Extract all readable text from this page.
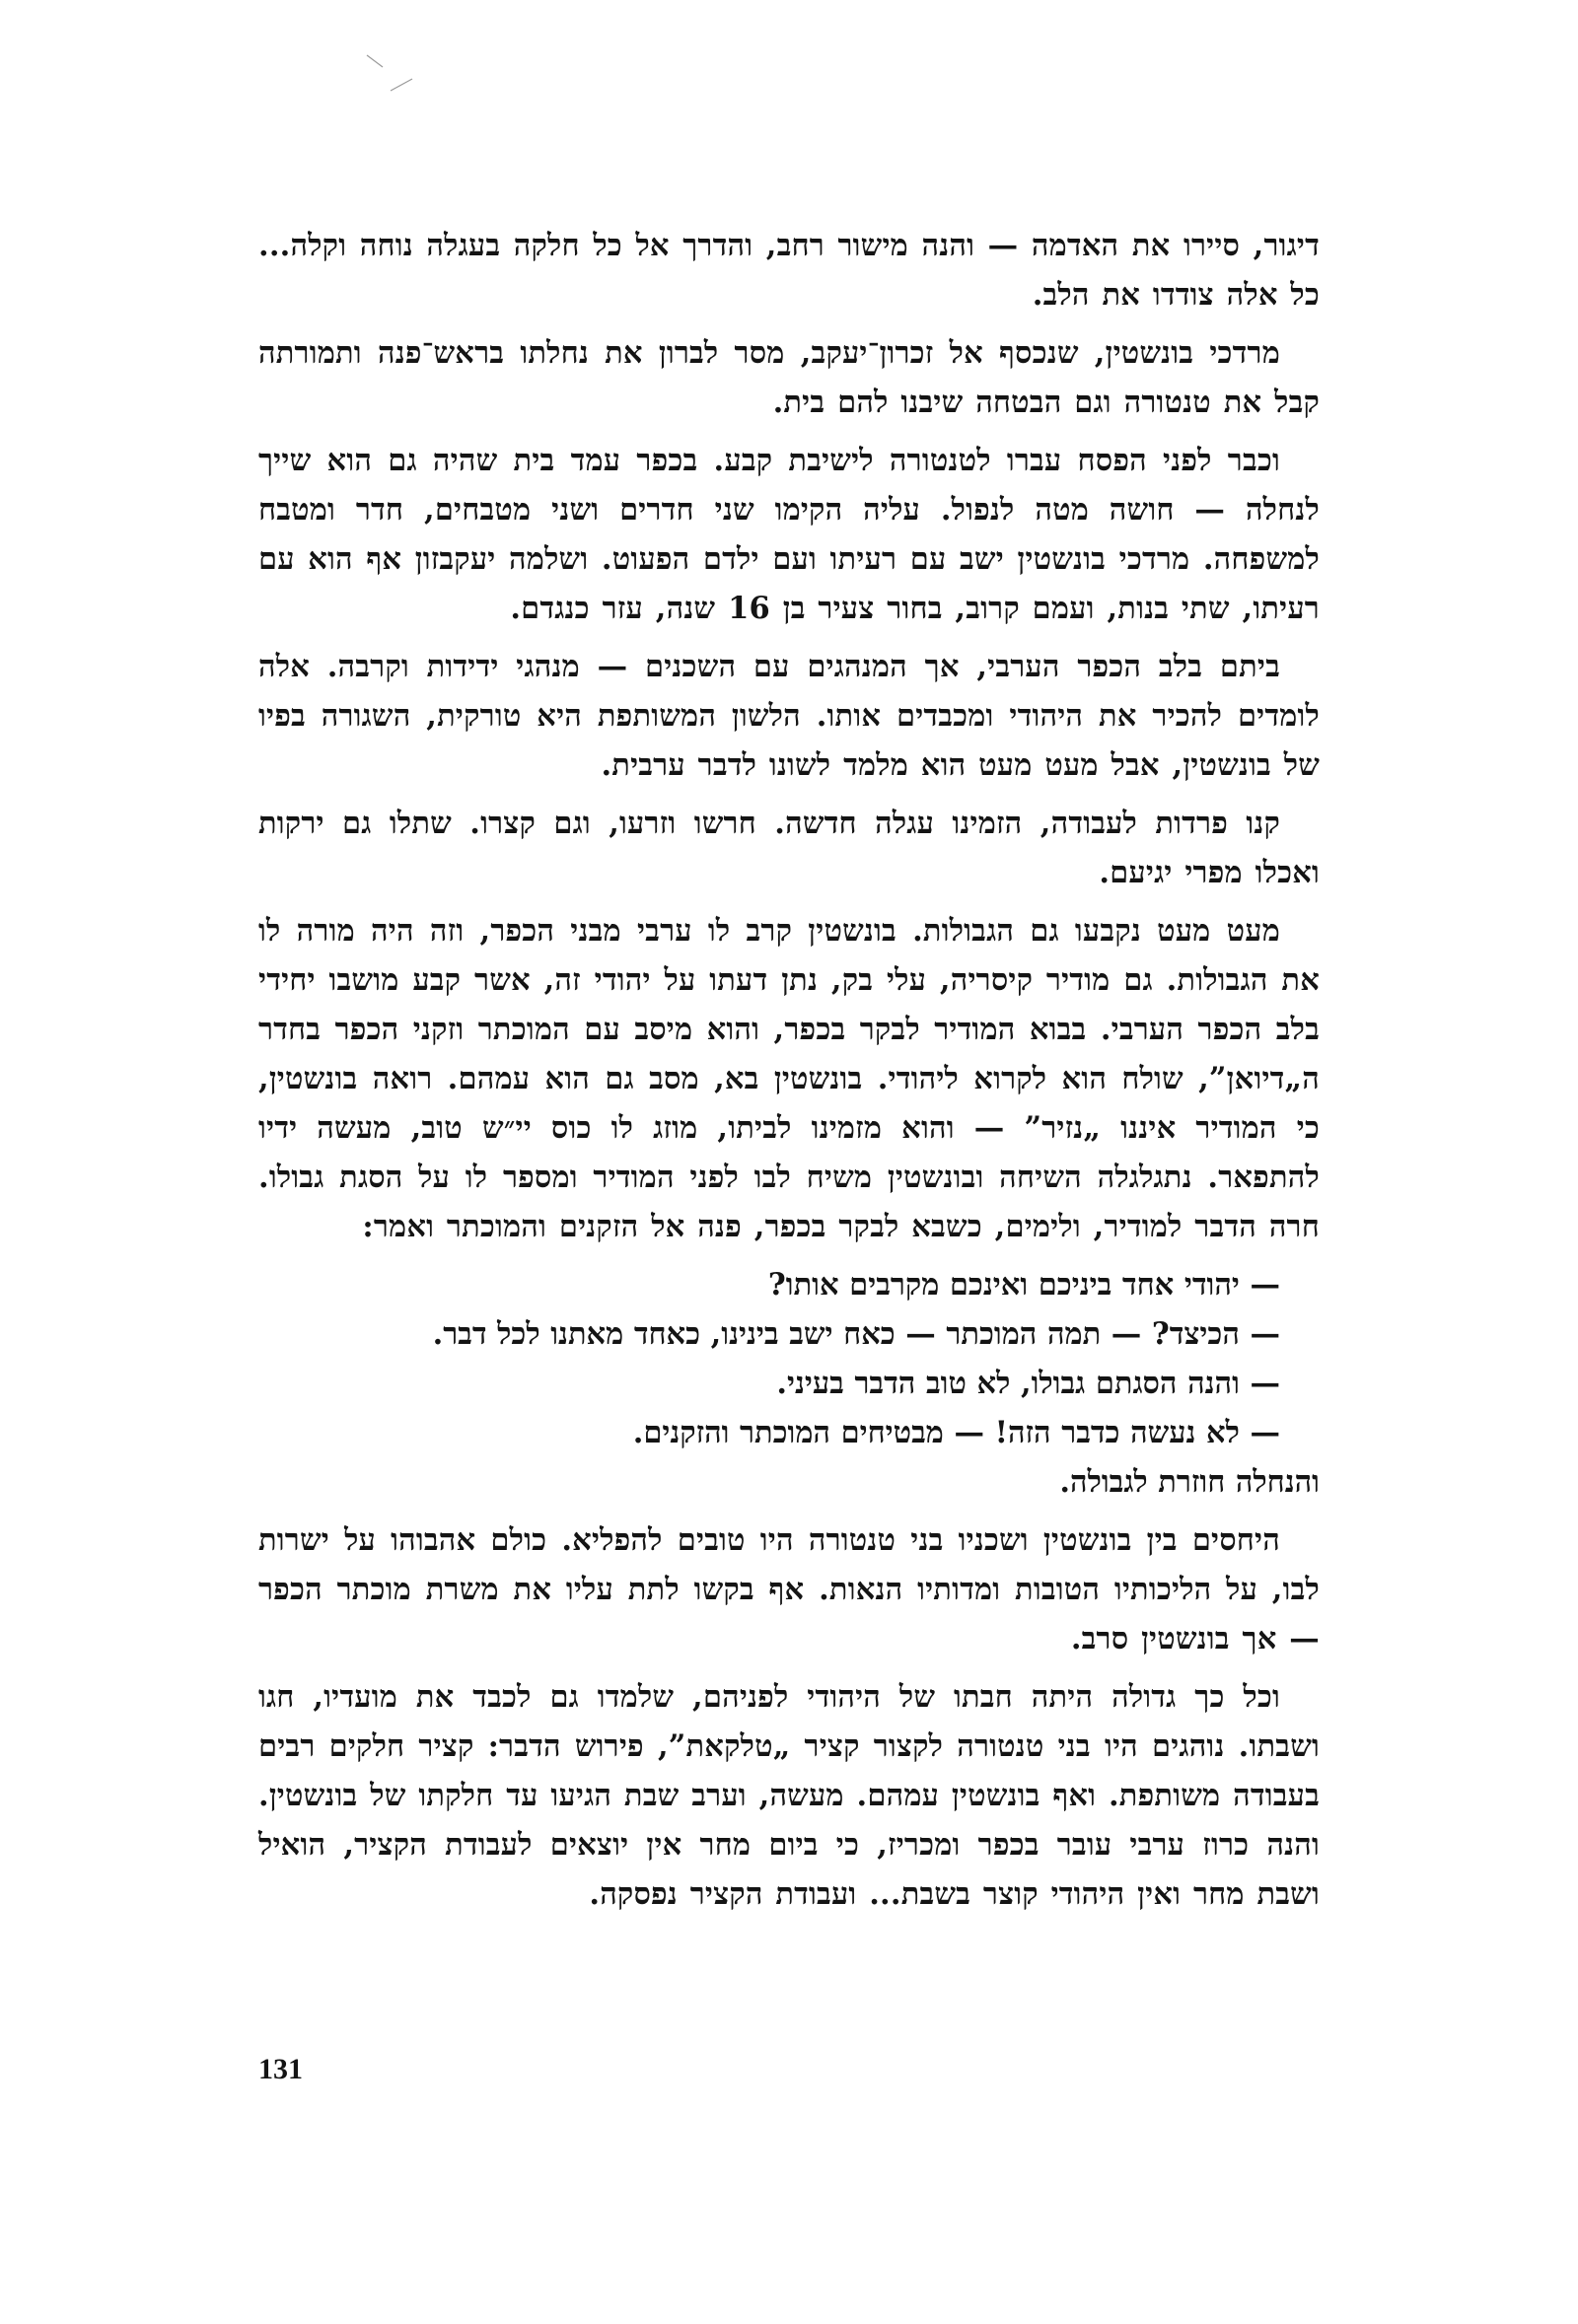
דיגור, סיירו את האדמה — והנה מישור רחב, והדרך אל כל חלקה בעגלה נוחה וקלה... כל אלה צודדו את הלב.

מרדכי בונשטין, שנכסף אל זכרון־יעקב, מסר לברון את נחלתו בראש־פנה ותמורתה קבל את טנטורה וגם הבטחה שיבנו להם בית.

וכבר לפני הפסח עברו לטנטורה לישיבת קבע. בכפר עמד בית שהיה גם הוא שייך לנחלה — חושה מטה לנפול. עליה הקימו שני חדרים ושני מטבחים, חדר ומטבח למשפחה. מרדכי בונשטין ישב עם רעיתו ועם ילדם הפעוט. ושלמה יעקבזון אף הוא עם רעיתו, שתי בנות, ועמם קרוב, בחור צעיר בן 16 שנה, עזר כנגדם.

ביתם בלב הכפר הערבי, אך המנהגים עם השכנים — מנהגי ידידות וקרבה. אלה לומדים להכיר את היהודי ומכבדים אותו. הלשון המשותפת היא טורקית, השגורה בפיו של בונשטין, אבל מעט מעט הוא מלמד לשונו לדבר ערבית.

קנו פרדות לעבודה, הזמינו עגלה חדשה. חרשו וזרעו, וגם קצרו. שתלו גם ירקות ואכלו מפרי יגיעם.

מעט מעט נקבעו גם הגבולות. בונשטין קרב לו ערבי מבני הכפר, וזה היה מורה לו את הגבולות. גם מודיר קיסריה, עלי בק, נתן דעתו על יהודי זה, אשר קבע מושבו יחידי בלב הכפר הערבי. בבוא המודיר לבקר בכפר, והוא מיסב עם המוכתר וזקני הכפר בחדר ה„דיואן”, שולח הוא לקרוא ליהודי. בונשטין בא, מסב גם הוא עמהם. רואה בונשטין, כי המודיר איננו „נזיר” — והוא מזמינו לביתו, מוזג לו כוס יי״ש טוב, מעשה ידיו להתפאר. נתגלגלה השיחה ובונשטין משיח לבו לפני המודיר ומספר לו על הסגת גבולו. חרה הדבר למודיר, ולימים, כשבא לבקר בכפר, פנה אל הזקנים והמוכתר ואמר:

— יהודי אחד ביניכם ואינכם מקרבים אותו?

— הכיצד? — תמה המוכתר — כאח ישב בינינו, כאחד מאתנו לכל דבר.

— והנה הסגתם גבולו, לא טוב הדבר בעיני.

— לא נעשה כדבר הזה! — מבטיחים המוכתר והזקנים.

והנחלה חוזרת לגבולה.

היחסים בין בונשטין ושכניו בני טנטורה היו טובים להפליא. כולם אהבוהו על ישרות לבו, על הליכותיו הטובות ומדותיו הנאות. אף בקשו לתת עליו את משרת מוכתר הכפר — אך בונשטין סרב.

וכל כך גדולה היתה חבתו של היהודי לפניהם, שלמדו גם לכבד את מועדיו, חגו ושבתו. נוהגים היו בני טנטורה לקצור קציר „טלקאת”, פירוש הדבר: קציר חלקים רבים בעבודה משותפת. ואף בונשטין עמהם. מעשה, וערב שבת הגיעו עד חלקתו של בונשטין. והנה כרוז ערבי עובר בכפר ומכריז, כי ביום מחר אין יוצאים לעבודת הקציר, הואיל ושבת מחר ואין היהודי קוצר בשבת... ועבודת הקציר נפסקה.

131
